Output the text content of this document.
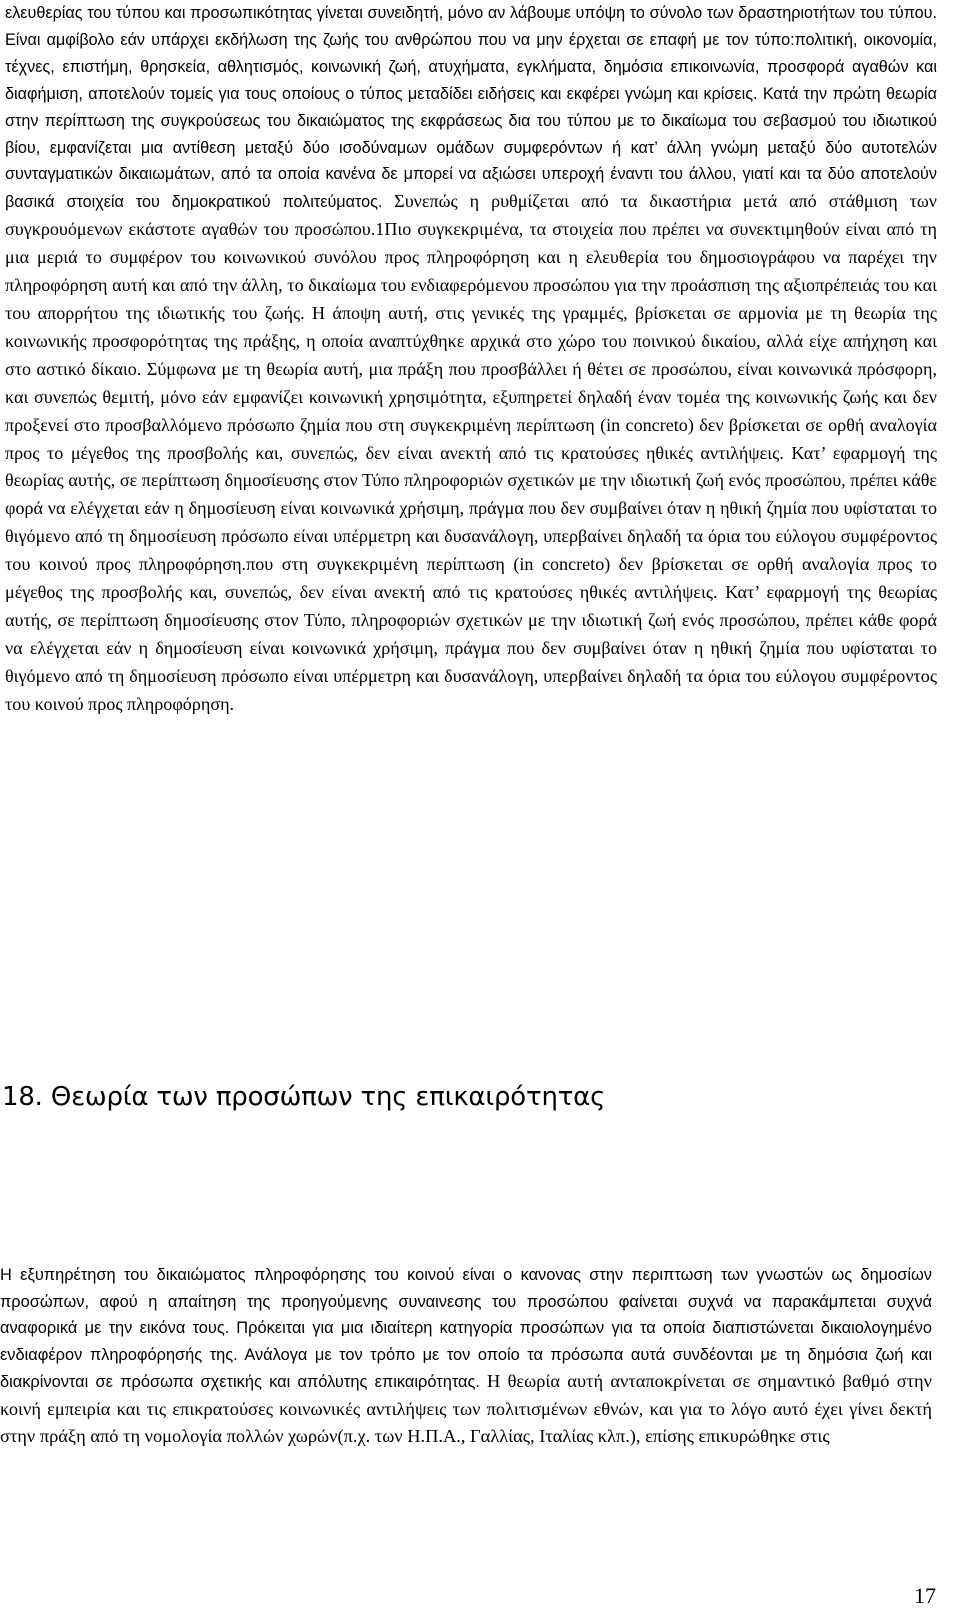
ελευθερίας του τύπου και προσωπικότητας γίνεται συνειδητή, μόνο αν λάβουμε υπόψη το σύνολο των δραστηριοτήτων του τύπου. Είναι αμφίβολο εάν υπάρχει εκδήλωση της ζωής του ανθρώπου που να μην έρχεται σε επαφή με τον τύπο:πολιτική, οικονομία, τέχνες, επιστήμη, θρησκεία, αθλητισμός, κοινωνική ζωή, ατυχήματα, εγκλήματα, δημόσια επικοινωνία, προσφορά αγαθών και διαφήμιση, αποτελούν τομείς για τους οποίους ο τύπος μεταδίδει ειδήσεις και εκφέρει γνώμη και κρίσεις. Κατά την πρώτη θεωρία στην περίπτωση της συγκρούσεως του δικαιώματος της εκφράσεως δια του τύπου με το δικαίωμα του σεβασμού του ιδιωτικού βίου, εμφανίζεται μια αντίθεση μεταξύ δύο ισοδύναμων ομάδων συμφερόντων ή κατ’ άλλη γνώμη μεταξύ δύο αυτοτελών συνταγματικών δικαιωμάτων, από τα οποία κανένα δε μπορεί να αξιώσει υπεροχή έναντι του άλλου, γιατί και τα δύο αποτελούν βασικά στοιχεία του δημοκρατικού πολιτεύματος. Συνεπώς η ρυθμίζεται από τα δικαστήρια μετά από στάθμιση των συγκρουόμενων εκάστοτε αγαθών του προσώπου.1Πιο συγκεκριμένα, τα στοιχεία που πρέπει να συνεκτιμηθούν είναι από τη μια μεριά το συμφέρον του κοινωνικού συνόλου προς πληροφόρηση και η ελευθερία του δημοσιογράφου να παρέχει την πληροφόρηση αυτή και από την άλλη, το δικαίωμα του ενδιαφερόμενου προσώπου για την προάσπιση της αξιοπρέπειάς του και του απορρήτου της ιδιωτικής του ζωής. Η άποψη αυτή, στις γενικές της γραμμές, βρίσκεται σε αρμονία με τη θεωρία της κοινωνικής προσφορότητας της πράξης, η οποία αναπτύχθηκε αρχικά στο χώρο του ποινικού δικαίου, αλλά είχε απήχηση και στο αστικό δίκαιο. Σύμφωνα με τη θεωρία αυτή, μια πράξη που προσβάλλει ή θέτει σε προσώπου, είναι κοινωνικά πρόσφορη, και συνεπώς θεμιτή, μόνο εάν εμφανίζει κοινωνική χρησιμότητα, εξυπηρετεί δηλαδή έναν τομέα της κοινωνικής ζωής και δεν προξενεί στο προσβαλλόμενο πρόσωπο ζημία που στη συγκεκριμένη περίπτωση (in concreto) δεν βρίσκεται σε ορθή αναλογία προς το μέγεθος της προσβολής και, συνεπώς, δεν είναι ανεκτή από τις κρατούσες ηθικές αντιλήψεις. Κατ’ εφαρμογή της θεωρίας αυτής, σε περίπτωση δημοσίευσης στον Τύπο πληροφοριών σχετικών με την ιδιωτική ζωή ενός προσώπου, πρέπει κάθε φορά να ελέγχεται εάν η δημοσίευση είναι κοινωνικά χρήσιμη, πράγμα που δεν συμβαίνει όταν η ηθική ζημία που υφίσταται το θιγόμενο από τη δημοσίευση πρόσωπο είναι υπέρμετρη και δυσανάλογη, υπερβαίνει δηλαδή τα όρια του εύλογου συμφέροντος του κοινού προς πληροφόρηση.που στη συγκεκριμένη περίπτωση (in concreto) δεν βρίσκεται σε ορθή αναλογία προς το μέγεθος της προσβολής και, συνεπώς, δεν είναι ανεκτή από τις κρατούσες ηθικές αντιλήψεις. Κατ’ εφαρμογή της θεωρίας αυτής, σε περίπτωση δημοσίευσης στον Τύπο, πληροφοριών σχετικών με την ιδιωτική ζωή ενός προσώπου, πρέπει κάθε φορά να ελέγχεται εάν η δημοσίευση είναι κοινωνικά χρήσιμη, πράγμα που δεν συμβαίνει όταν η ηθική ζημία που υφίσταται το θιγόμενο από τη δημοσίευση πρόσωπο είναι υπέρμετρη και δυσανάλογη, υπερβαίνει δηλαδή τα όρια του εύλογου συμφέροντος του κοινού προς πληροφόρηση.

18. Θεωρία των προσώπων της επικαιρότητας

Η εξυπηρέτηση του δικαιώματος πληροφόρησης του κοινού είναι ο κανονας στην περιπτωση των γνωστών ως δημοσίων προσώπων, αφού η απαίτηση της προηγούμενης συναινεσης του προσώπου φαίνεται συχνά να παρακάμπεται συχνά αναφορικά με την εικόνα τους. Πρόκειται για μια ιδιαίτερη κατηγορία προσώπων για τα οποία διαπιστώνεται δικαιολογημένο ενδιαφέρον πληροφόρησής της. Ανάλογα με τον τρόπο με τον οποίο τα πρόσωπα αυτά συνδέονται με τη δημόσια ζωή και διακρίνονται σε πρόσωπα σχετικής και απόλυτης επικαιρότητας. Η θεωρία αυτή ανταποκρίνεται σε σημαντικό βαθμό στην κοινή εμπειρία και τις επικρατούσες κοινωνικές αντιλήψεις των πολιτισμένων εθνών, και για το λόγο αυτό έχει γίνει δεκτή στην πράξη από τη νομολογία πολλών χωρών(π.χ. των Η.Π.Α., Γαλλίας, Ιταλίας κλπ.), επίσης επικυρώθηκε στις

17
